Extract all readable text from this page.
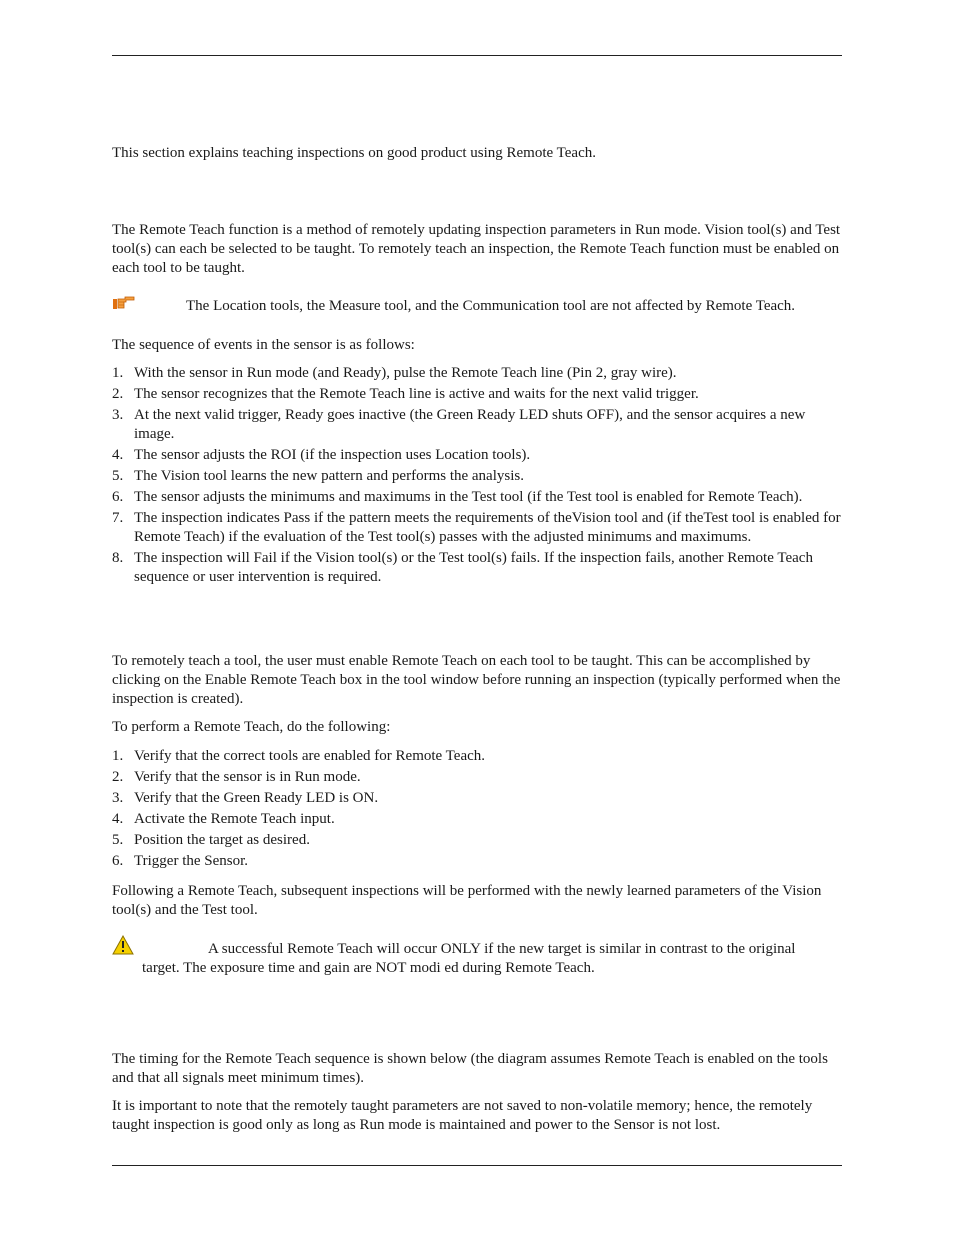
This section explains teaching inspections on good product using Remote Teach.

The Remote Teach function is a method of remotely updating inspection parameters in Run mode. Vision tool(s) and Test tool(s) can each be selected to be taught. To remotely teach an inspection, the Remote Teach function must be enabled on each tool to be taught.

The Location tools, the Measure tool, and the Communication tool are not affected by Remote Teach.

The sequence of events in the sensor is as follows:

1. With the sensor in Run mode (and Ready), pulse the Remote Teach line (Pin 2, gray wire).
2. The sensor recognizes that the Remote Teach line is active and waits for the next valid trigger.
3. At the next valid trigger, Ready goes inactive (the Green Ready LED shuts OFF), and the sensor acquires a new image.
4. The sensor adjusts the ROI (if the inspection uses Location tools).
5. The Vision tool learns the new pattern and performs the analysis.
6. The sensor adjusts the minimums and maximums in the Test tool (if the Test tool is enabled for Remote Teach).
7. The inspection indicates Pass if the pattern meets the requirements of theVision tool and (if theTest tool is enabled for Remote Teach) if the evaluation of the Test tool(s) passes with the adjusted minimums and maximums.
8. The inspection will Fail if the Vision tool(s) or the Test tool(s) fails. If the inspection fails, another Remote Teach sequence or user intervention is required.

To remotely teach a tool, the user must enable Remote Teach on each tool to be taught. This can be accomplished by clicking on the Enable Remote Teach box in the tool window before running an inspection (typically performed when the inspection is created).

To perform a Remote Teach, do the following:

1. Verify that the correct tools are enabled for Remote Teach.
2. Verify that the sensor is in Run mode.
3. Verify that the Green Ready LED is ON.
4. Activate the Remote Teach input.
5. Position the target as desired.
6. Trigger the Sensor.

Following a Remote Teach, subsequent inspections will be performed with the newly learned parameters of the Vision tool(s) and the Test tool.

A successful Remote Teach will occur ONLY if the new target is similar in contrast to the original
target. The exposure time and gain are NOT modi ed during Remote Teach.

The timing for the Remote Teach sequence is shown below (the diagram assumes Remote Teach is enabled on the tools and that all signals meet minimum times).

It is important to note that the remotely taught parameters are not saved to non-volatile memory; hence, the remotely taught inspection is good only as long as Run mode is maintained and power to the Sensor is not lost.
